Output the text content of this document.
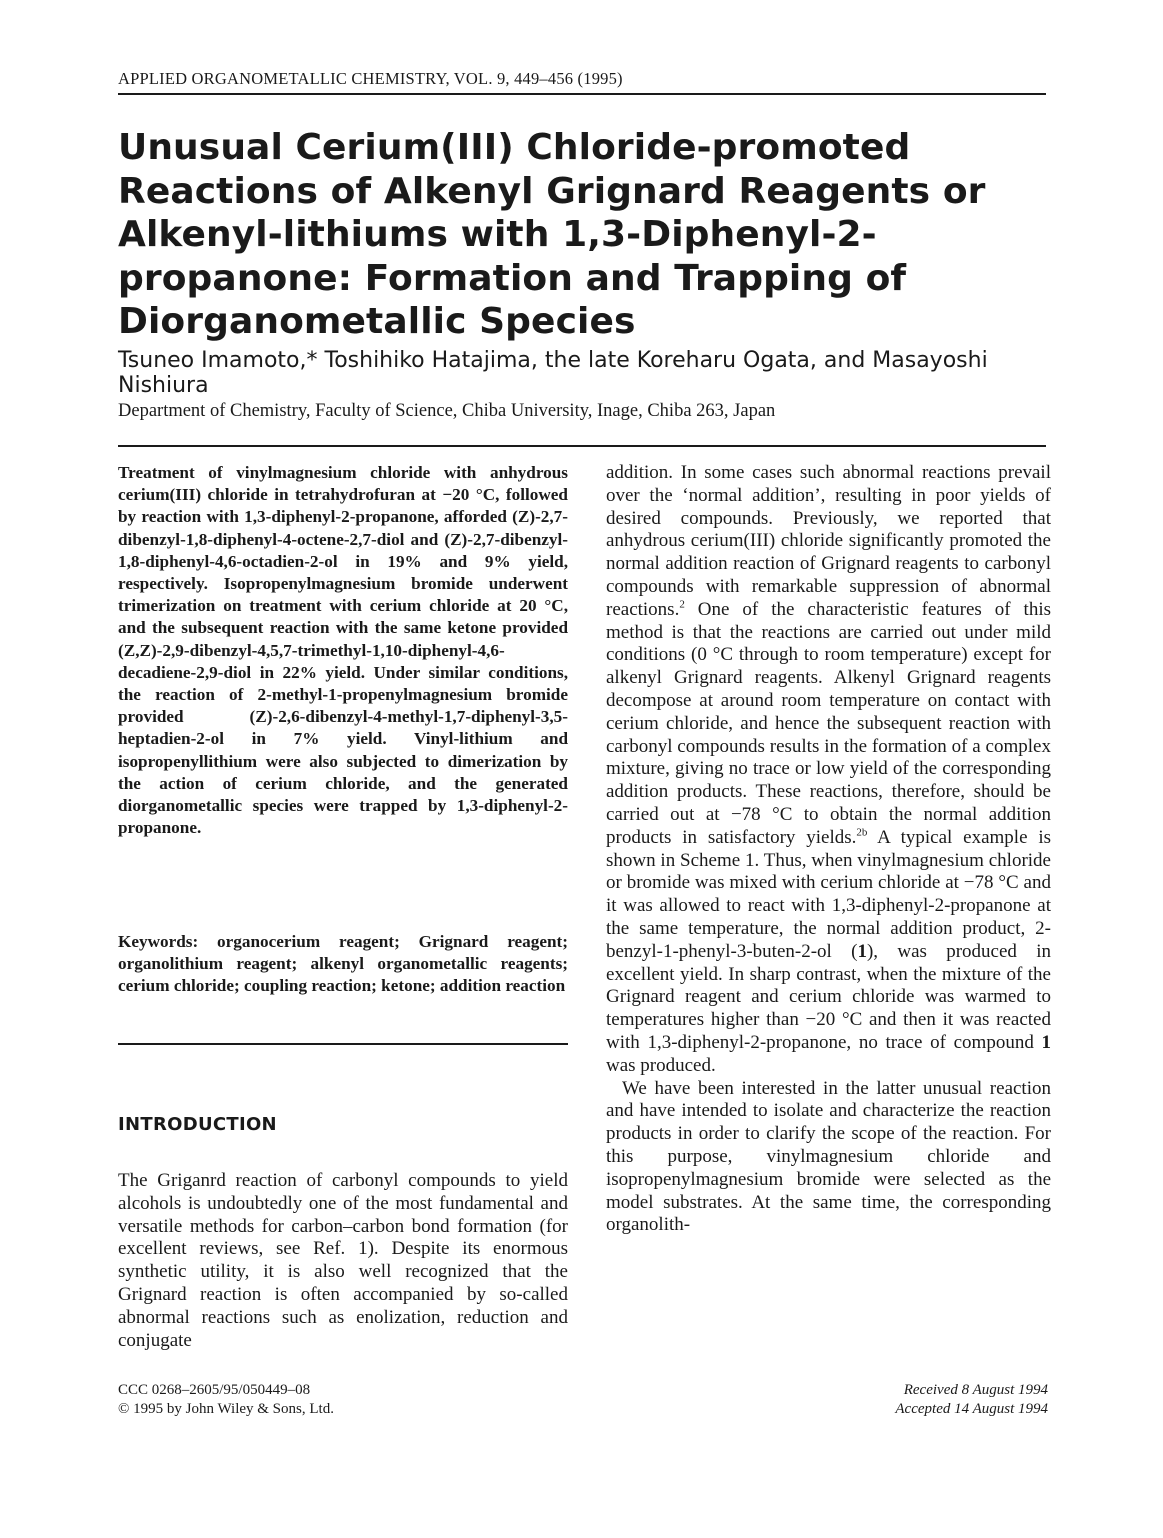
APPLIED ORGANOMETALLIC CHEMISTRY, VOL. 9, 449–456 (1995)
Unusual Cerium(III) Chloride-promoted Reactions of Alkenyl Grignard Reagents or Alkenyl-lithiums with 1,3-Diphenyl-2-propanone: Formation and Trapping of Diorganometallic Species

Tsuneo Imamoto,* Toshihiko Hatajima, the late Koreharu Ogata, and Masayoshi Nishiura

Department of Chemistry, Faculty of Science, Chiba University, Inage, Chiba 263, Japan

Treatment of vinylmagnesium chloride with anhydrous cerium(III) chloride in tetrahydrofuran at −20 °C, followed by reaction with 1,3-diphenyl-2-propanone, afforded (Z)-2,7-dibenzyl-1,8-diphenyl-4-octene-2,7-diol and (Z)-2,7-dibenzyl-1,8-diphenyl-4,6-octadien-2-ol in 19% and 9% yield, respectively. Isopropenylmagnesium bromide underwent trimerization on treatment with cerium chloride at 20 °C, and the subsequent reaction with the same ketone provided (Z,Z)-2,9-dibenzyl-4,5,7-trimethyl-1,10-diphenyl-4,6-decadiene-2,9-diol in 22% yield. Under similar conditions, the reaction of 2-methyl-1-propenylmagnesium bromide provided (Z)-2,6-dibenzyl-4-methyl-1,7-diphenyl-3,5-heptadien-2-ol in 7% yield. Vinyl-lithium and isopropenyllithium were also subjected to dimerization by the action of cerium chloride, and the generated diorganometallic species were trapped by 1,3-diphenyl-2-propanone.

Keywords: organocerium reagent; Grignard reagent; organolithium reagent; alkenyl organometallic reagents; cerium chloride; coupling reaction; ketone; addition reaction

INTRODUCTION

The Griganrd reaction of carbonyl compounds to yield alcohols is undoubtedly one of the most fundamental and versatile methods for carbon–carbon bond formation (for excellent reviews, see Ref. 1). Despite its enormous synthetic utility, it is also well recognized that the Grignard reaction is often accompanied by so-called abnormal reactions such as enolization, reduction and conjugate

addition. In some cases such abnormal reactions prevail over the ‘normal addition’, resulting in poor yields of desired compounds. Previously, we reported that anhydrous cerium(III) chloride significantly promoted the normal addition reaction of Grignard reagents to carbonyl compounds with remarkable suppression of abnormal reactions.$^2$ One of the characteristic features of this method is that the reactions are carried out under mild conditions (0 °C through to room temperature) except for alkenyl Grignard reagents. Alkenyl Grignard reagents decompose at around room temperature on contact with cerium chloride, and hence the subsequent reaction with carbonyl compounds results in the formation of a complex mixture, giving no trace or low yield of the corresponding addition products. These reactions, therefore, should be carried out at −78 °C to obtain the normal addition products in satisfactory yields.$^{2b}$ A typical example is shown in Scheme 1. Thus, when vinylmagnesium chloride or bromide was mixed with cerium chloride at −78 °C and it was allowed to react with 1,3-diphenyl-2-propanone at the same temperature, the normal addition product, 2-benzyl-1-phenyl-3-buten-2-ol (1), was produced in excellent yield. In sharp contrast, when the mixture of the Grignard reagent and cerium chloride was warmed to temperatures higher than −20 °C and then it was reacted with 1,3-diphenyl-2-propanone, no trace of compound 1 was produced.

We have been interested in the latter unusual reaction and have intended to isolate and characterize the reaction products in order to clarify the scope of the reaction. For this purpose, vinylmagnesium chloride and isopropenylmagnesium bromide were selected as the model substrates. At the same time, the corresponding organolith-

CCC 0268–2605/95/050449–08
© 1995 by John Wiley & Sons, Ltd.
Received 8 August 1994
Accepted 14 August 1994
